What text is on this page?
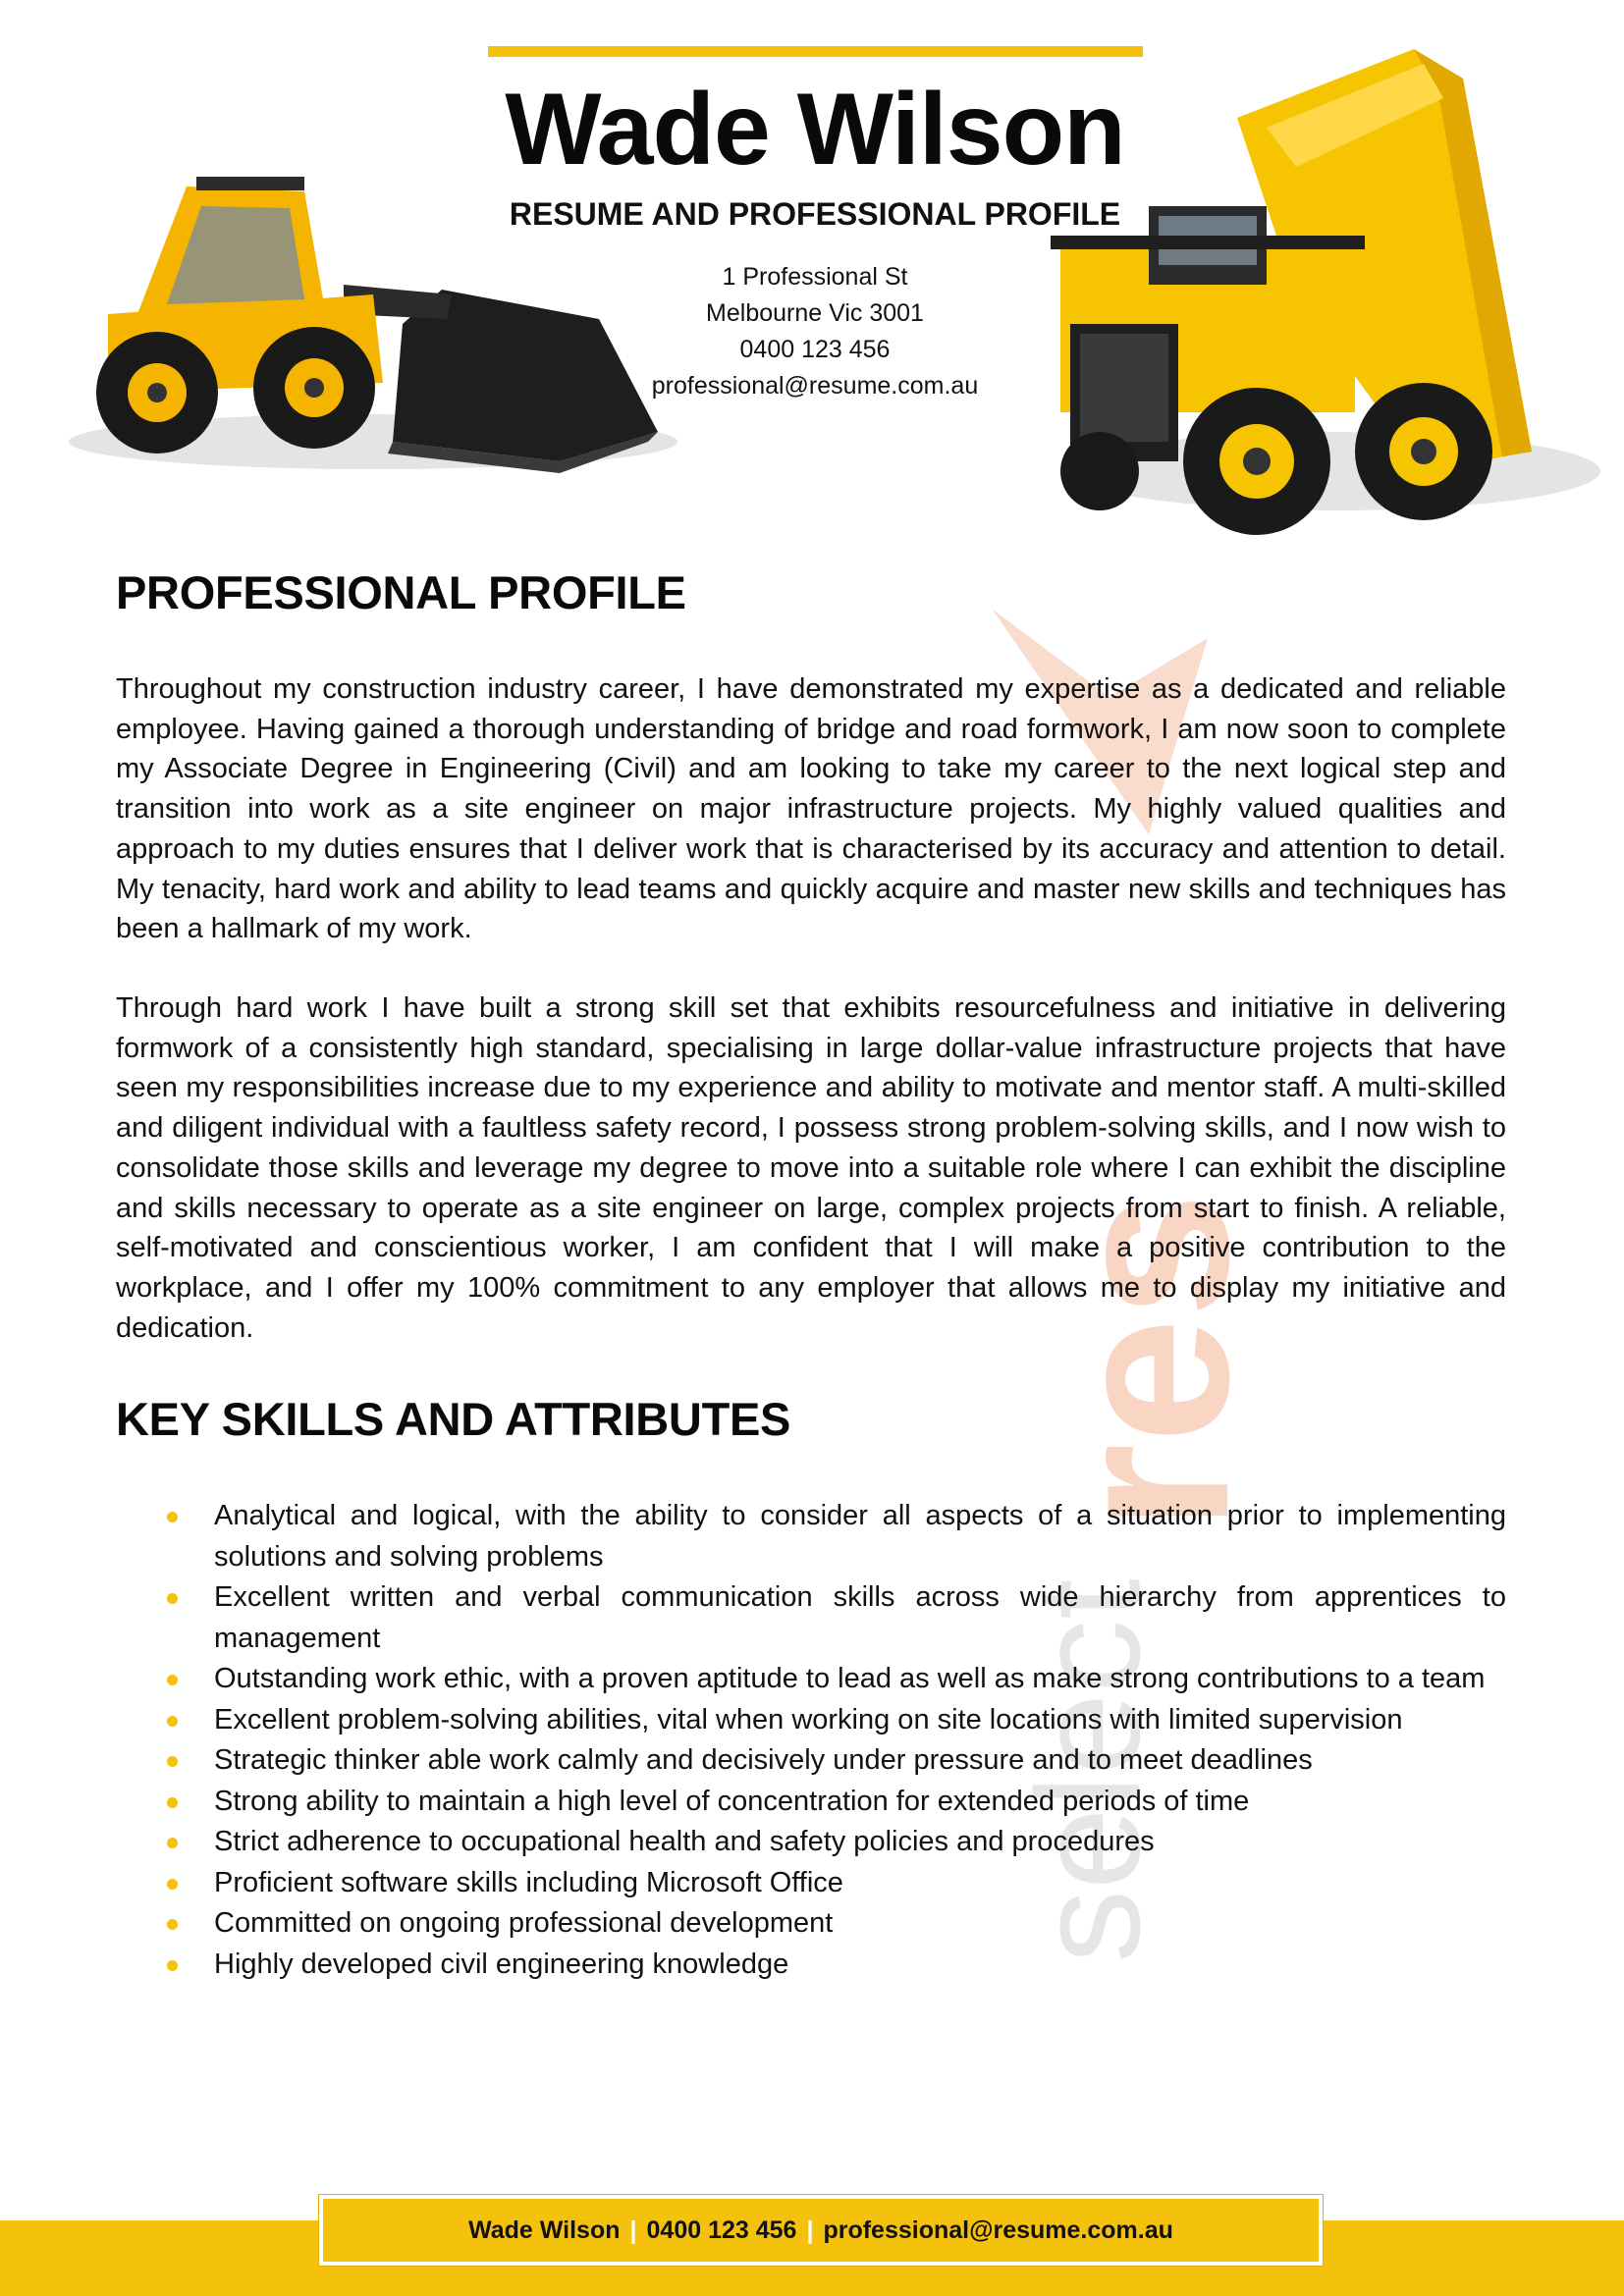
select
res
Wade Wilson
RESUME AND PROFESSIONAL PROFILE
1 Professional St
Melbourne Vic 3001
0400 123 456
professional@resume.com.au
PROFESSIONAL PROFILE

Throughout my construction industry career, I have demonstrated my expertise as a dedicated and reliable employee. Having gained a thorough understanding of bridge and road formwork, I am now soon to complete my Associate Degree in Engineering (Civil) and am looking to take my career to the next logical step and transition into work as a site engineer on major infrastructure projects. My highly valued qualities and approach to my duties ensures that I deliver work that is characterised by its accuracy and attention to detail. My tenacity, hard work and ability to lead teams and quickly acquire and master new skills and techniques has been a hallmark of my work.

Through hard work I have built a strong skill set that exhibits resourcefulness and initiative in delivering formwork of a consistently high standard, specialising in large dollar-value infrastructure projects that have seen my responsibilities increase due to my experience and ability to motivate and mentor staff. A multi-skilled and diligent individual with a faultless safety record, I possess strong problem-solving skills, and I now wish to consolidate those skills and leverage my degree to move into a suitable role where I can exhibit the discipline and skills necessary to operate as a site engineer on large, complex projects from start to finish. A reliable, self-motivated and conscientious worker, I am confident that I will make a positive contribution to the workplace, and I offer my 100% commitment to any employer that allows me to display my initiative and dedication.

KEY SKILLS AND ATTRIBUTES
Analytical and logical, with the ability to consider all aspects of a situation prior to implementing solutions and solving problems
Excellent written and verbal communication skills across wide hierarchy from apprentices to management
Outstanding work ethic, with a proven aptitude to lead as well as make strong contributions to a team
Excellent problem-solving abilities, vital when working on site locations with limited supervision
Strategic thinker able work calmly and decisively under pressure and to meet deadlines
Strong ability to maintain a high level of concentration for extended periods of time
Strict adherence to occupational health and safety policies and procedures
Proficient software skills including Microsoft Office
Committed on ongoing professional development
Highly developed civil engineering knowledge
Wade Wilson | 0400 123 456 | professional@resume.com.au
